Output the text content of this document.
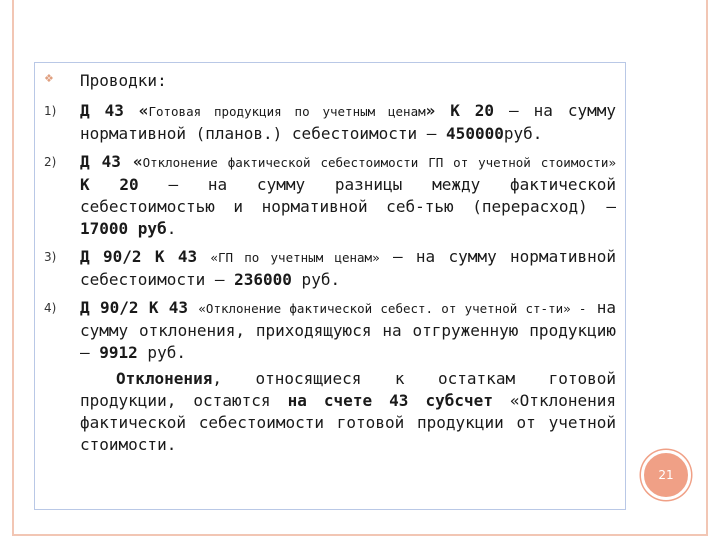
❖	Проводки:
1)	Д 43 «Готовая продукция по учетным ценам» К 20 – на сумму нормативной (планов.) себестоимости – 450000руб.
2)	Д 43 «Отклонение фактической себестоимости ГП от учетной стоимости» К 20 – на сумму разницы между фактической себестоимостью и нормативной себ-тью (перерасход) – 17000 руб.
3)	Д 90/2 К 43 «ГП по учетным ценам» – на сумму нормативной себестоимости – 236000 руб.
4)	Д 90/2 К 43 «Отклонение фактической себест. от учетной ст-ти» - на сумму отклонения, приходящуюся на отгруженную продукцию – 9912 руб.
Отклонения, относящиеся к остаткам готовой продукции, остаются на счете 43 субсчет «Отклонения фактической себестоимости готовой продукции от учетной стоимости.
21
